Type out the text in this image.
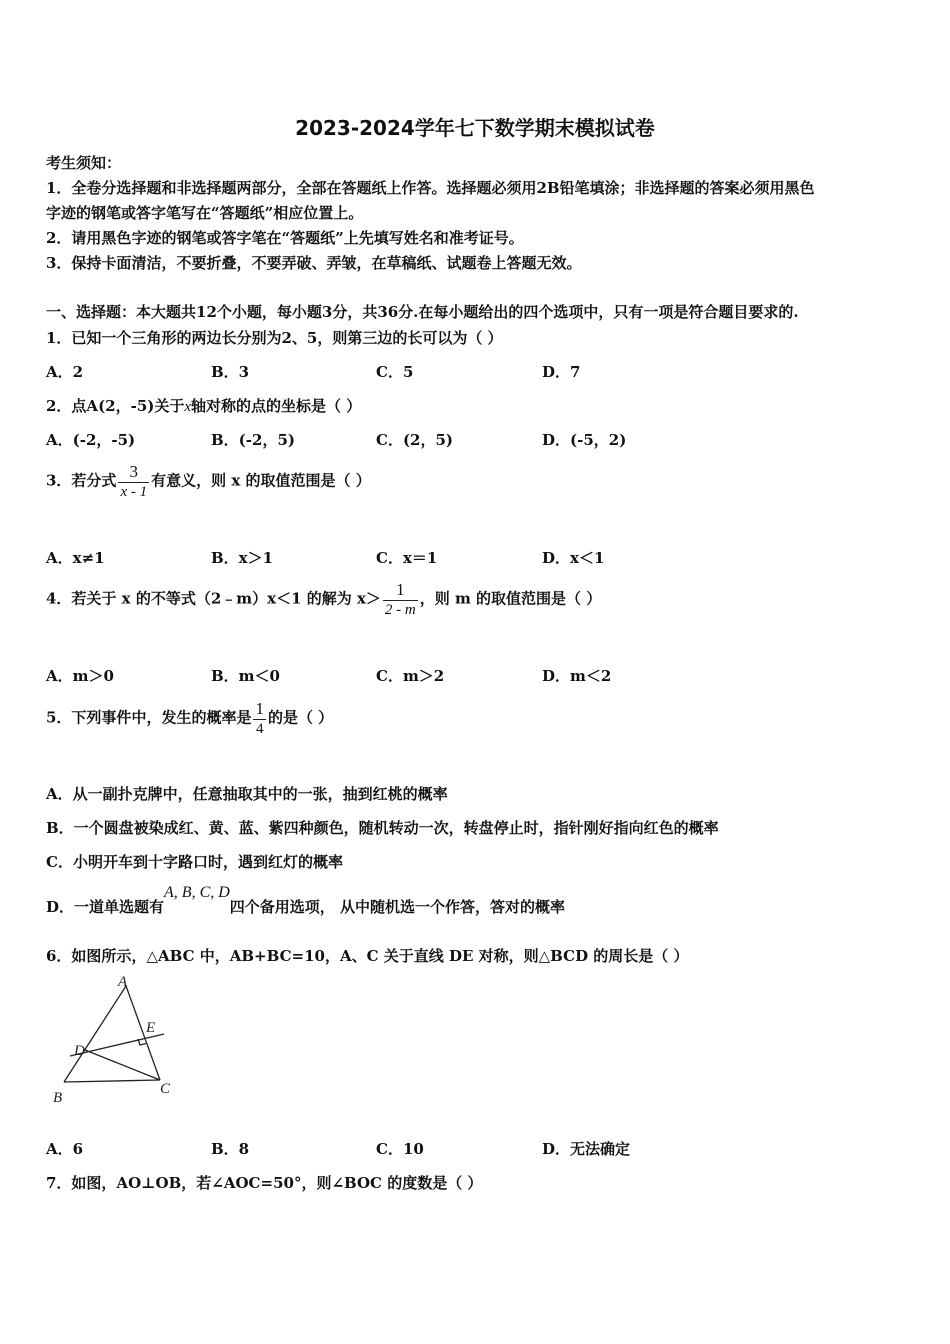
2023-2024学年七下数学期末模拟试卷
考生须知：
1．全卷分选择题和非选择题两部分，全部在答题纸上作答。选择题必须用2B铅笔填涂；非选择题的答案必须用黑色
字迹的钢笔或答字笔写在“答题纸”相应位置上。
2．请用黑色字迹的钢笔或答字笔在“答题纸”上先填写姓名和准考证号。
3．保持卡面清洁，不要折叠，不要弄破、弄皱，在草稿纸、试题卷上答题无效。
一、选择题：本大题共12个小题，每小题3分，共36分.在每小题给出的四个选项中，只有一项是符合题目要求的.
1．已知一个三角形的两边长分别为2、5，则第三边的长可以为（ ）
A．2	B．3	C．5	D．7
2．点A(2，-5)关于x轴对称的点的坐标是（ ）
A．(-2，-5)	B．(-2，5)	C．(2，5)	D．(-5，2)
3．若分式 $\frac{3}{x - 1}$ 有意义，则 x 的取值范围是（ ）
A．x≠1	B．x＞1	C．x＝1	D．x＜1
4．若关于 x 的不等式（2﹣m）x＜1 的解为 $x> \frac{1}{2 - m}$ ，则 m 的取值范围是（ ）
A．m＞0	B．m＜0	C．m＞2	D．m＜2
5．下列事件中，发生的概率是 $\frac{1}{4}$ 的是（ ）
A．从一副扑克牌中，任意抽取其中的一张，抽到红桃的概率
B．一个圆盘被染成红、黄、蓝、紫四种颜色，随机转动一次，转盘停止时，指针刚好指向红色的概率
C．小明开车到十字路口时，遇到红灯的概率
D．一道单选题有A, B, C, D四个备用选项， 从中随机选一个作答，答对的概率
6．如图所示，△ABC 中，AB+BC=10，A、C 关于直线 DE 对称，则△BCD 的周长是（ ）
A
B
C
D
E
A．6	B．8	C．10	D．无法确定
7．如图，AO⊥OB，若∠AOC=50°，则∠BOC 的度数是（ ）
